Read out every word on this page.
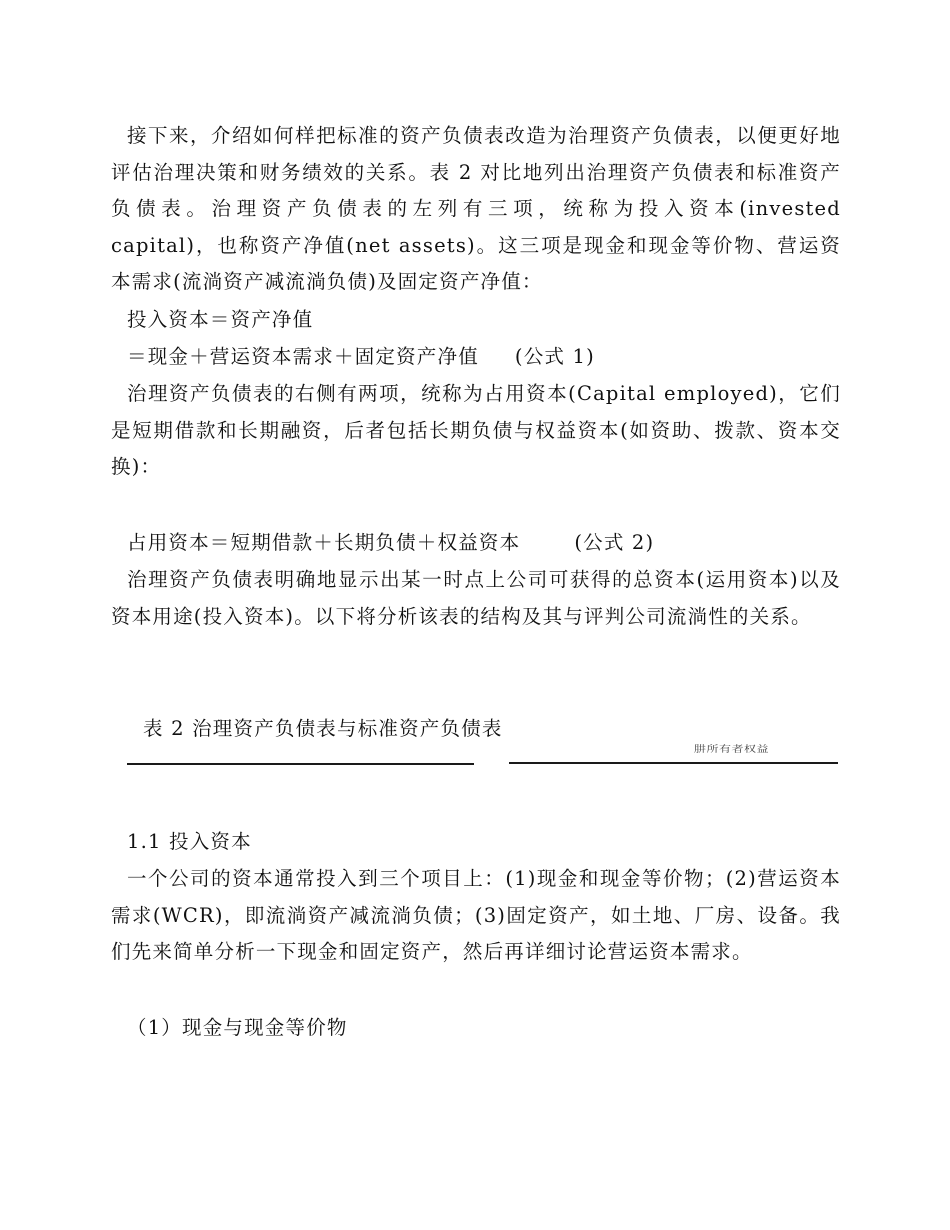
接下来，介绍如何样把标准的资产负债表改造为治理资产负债表，以便更好地评估治理决策和财务绩效的关系。表 2 对比地列出治理资产负债表和标准资产负债表。治理资产负债表的左列有三项，统称为投入资本(invested capital)，也称资产净值(net assets)。这三项是现金和现金等价物、营运资本需求(流淌资产减流淌负债)及固定资产净值：

投入资本＝资产净值

＝现金＋营运资本需求＋固定资产净值 (公式 1)

治理资产负债表的右侧有两项，统称为占用资本(Capital employed)，它们是短期借款和长期融资，后者包括长期负债与权益资本(如资助、拨款、资本交换)：

占用资本＝短期借款＋长期负债＋权益资本	(公式 2)

治理资产负债表明确地显示出某一时点上公司可获得的总资本(运用资本)以及资本用途(投入资本)。以下将分析该表的结构及其与评判公司流淌性的关系。

表 2 治理资产负债表与标准资产负债表

肼所有者权益

1.1 投入资本

一个公司的资本通常投入到三个项目上：(1)现金和现金等价物；(2)营运资本需求(WCR)，即流淌资产减流淌负债；(3)固定资产，如土地、厂房、设备。我们先来简单分析一下现金和固定资产，然后再详细讨论营运资本需求。

（1）现金与现金等价物
